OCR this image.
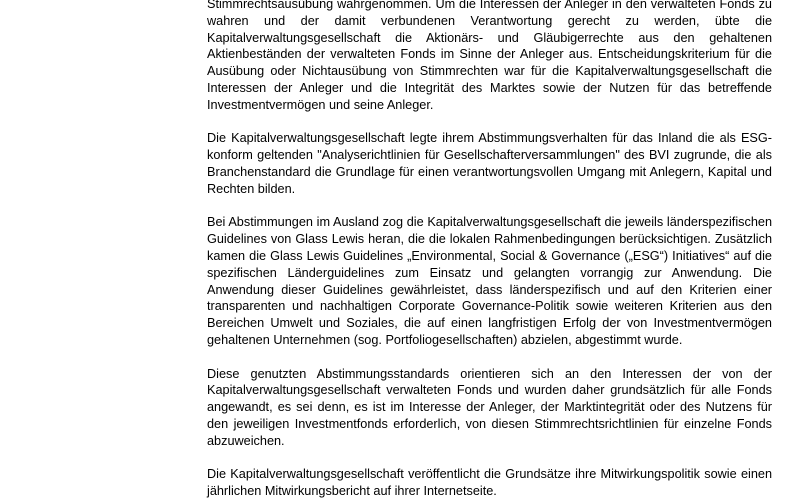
Stimmrechtsausübung wahrgenommen. Um die Interessen der Anleger in den verwalteten Fonds zu wahren und der damit verbundenen Verantwortung gerecht zu werden, übte die Kapitalverwaltungsgesellschaft die Aktionärs- und Gläubigerrechte aus den gehaltenen Aktienbeständen der verwalteten Fonds im Sinne der Anleger aus. Entscheidungskriterium für die Ausübung oder Nichtausübung von Stimmrechten war für die Kapitalverwaltungsgesellschaft die Interessen der Anleger und die Integrität des Marktes sowie der Nutzen für das betreffende Investmentvermögen und seine Anleger.

Die Kapitalverwaltungsgesellschaft legte ihrem Abstimmungsverhalten für das Inland die als ESG-konform geltenden "Analyserichtlinien für Gesellschafterversammlungen" des BVI zugrunde, die als Branchenstandard die Grundlage für einen verantwortungsvollen Umgang mit Anlegern, Kapital und Rechten bilden.

Bei Abstimmungen im Ausland zog die Kapitalverwaltungsgesellschaft die jeweils länderspezifischen Guidelines von Glass Lewis heran, die die lokalen Rahmenbedingungen berücksichtigen. Zusätzlich kamen die Glass Lewis Guidelines „Environmental, Social & Governance („ESG“) Initiatives“ auf die spezifischen Länderguidelines zum Einsatz und gelangten vorrangig zur Anwendung. Die Anwendung dieser Guidelines gewährleistet, dass länderspezifisch und auf den Kriterien einer transparenten und nachhaltigen Corporate Governance-Politik sowie weiteren Kriterien aus den Bereichen Umwelt und Soziales, die auf einen langfristigen Erfolg der von Investmentvermögen gehaltenen Unternehmen (sog. Portfoliogesellschaften) abzielen, abgestimmt wurde.

Diese genutzten Abstimmungsstandards orientieren sich an den Interessen der von der Kapitalverwaltungsgesellschaft verwalteten Fonds und wurden daher grundsätzlich für alle Fonds angewandt, es sei denn, es ist im Interesse der Anleger, der Marktintegrität oder des Nutzens für den jeweiligen Investmentfonds erforderlich, von diesen Stimmrechtsrichtlinien für einzelne Fonds abzuweichen.

Die Kapitalverwaltungsgesellschaft veröffentlicht die Grundsätze ihre Mitwirkungspolitik sowie einen jährlichen Mitwirkungsbericht auf ihrer Internetseite.
